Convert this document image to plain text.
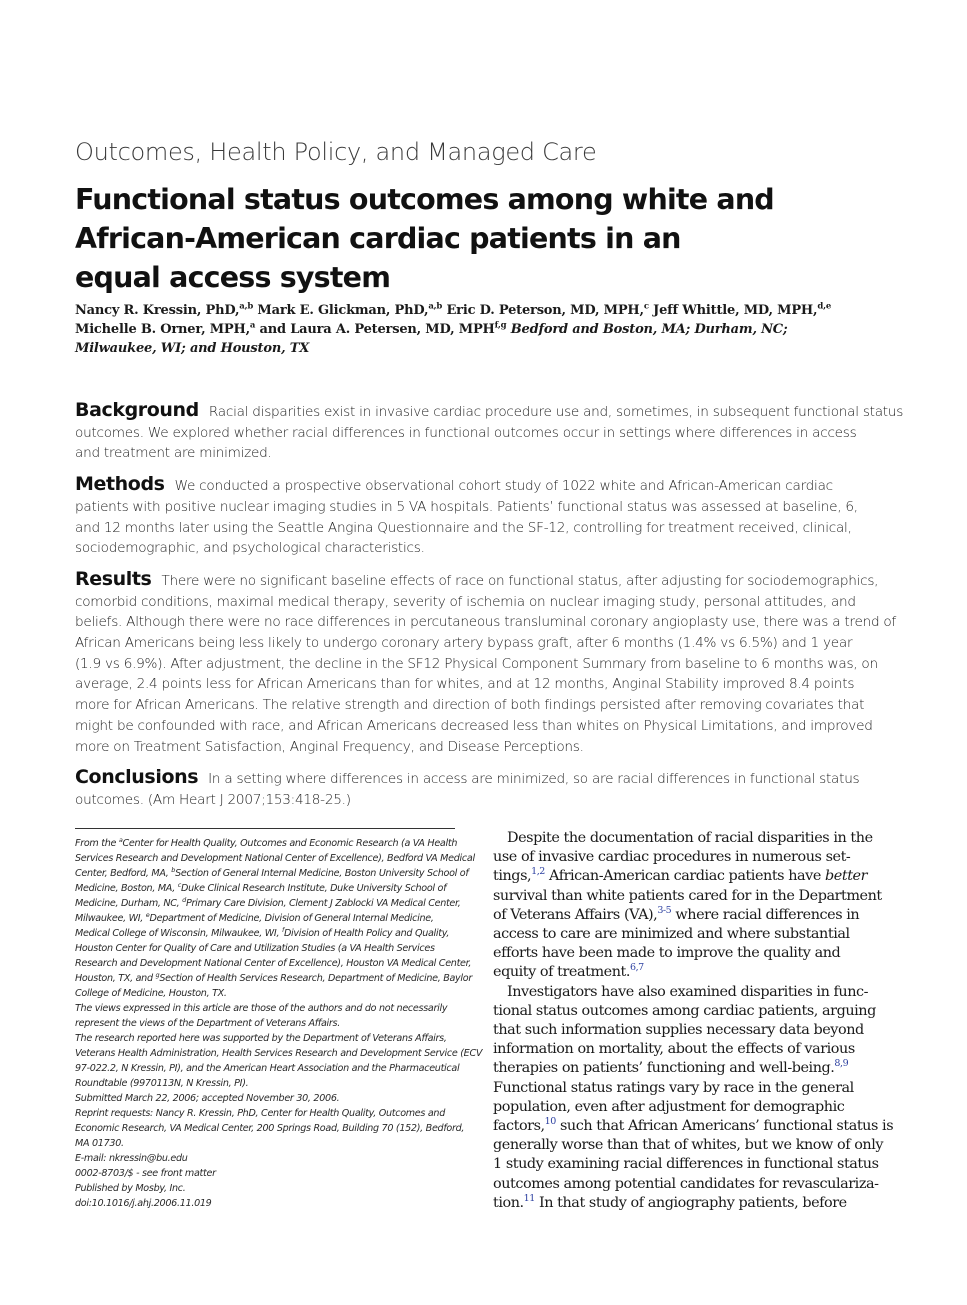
Outcomes, Health Policy, and Managed Care
Functional status outcomes among white and
African-American cardiac patients in an
equal access system
Nancy R. Kressin, PhD,$^{a,b}$ Mark E. Glickman, PhD,$^{a,b}$ Eric D. Peterson, MD, MPH,$^c$ Jeff Whittle, MD, MPH,$^{d,e}$
Michelle B. Orner, MPH,$^a$ and Laura A. Petersen, MD, MPH$^{f,g}$ Bedford and Boston, MA; Durham, NC;
Milwaukee, WI; and Houston, TX
Background Racial disparities exist in invasive cardiac procedure use and, sometimes, in subsequent functional status
outcomes. We explored whether racial differences in functional outcomes occur in settings where differences in access
and treatment are minimized.
Methods We conducted a prospective observational cohort study of 1022 white and African-American cardiac
patients with positive nuclear imaging studies in 5 VA hospitals. Patients’ functional status was assessed at baseline, 6,
and 12 months later using the Seattle Angina Questionnaire and the SF-12, controlling for treatment received, clinical,
sociodemographic, and psychological characteristics.
Results There were no significant baseline effects of race on functional status, after adjusting for sociodemographics,
comorbid conditions, maximal medical therapy, severity of ischemia on nuclear imaging study, personal attitudes, and
beliefs. Although there were no race differences in percutaneous transluminal coronary angioplasty use, there was a trend of
African Americans being less likely to undergo coronary artery bypass graft, after 6 months (1.4% vs 6.5%) and 1 year
(1.9 vs 6.9%). After adjustment, the decline in the SF12 Physical Component Summary from baseline to 6 months was, on
average, 2.4 points less for African Americans than for whites, and at 12 months, Anginal Stability improved 8.4 points
more for African Americans. The relative strength and direction of both findings persisted after removing covariates that
might be confounded with race, and African Americans decreased less than whites on Physical Limitations, and improved
more on Treatment Satisfaction, Anginal Frequency, and Disease Perceptions.
Conclusions In a setting where differences in access are minimized, so are racial differences in functional status
outcomes. (Am Heart J 2007;153:418-25.)
From the $^a$Center for Health Quality, Outcomes and Economic Research (a VA Health
Services Research and Development National Center of Excellence), Bedford VA Medical
Center, Bedford, MA, $^b$Section of General Internal Medicine, Boston University School of
Medicine, Boston, MA, $^c$Duke Clinical Research Institute, Duke University School of
Medicine, Durham, NC, $^d$Primary Care Division, Clement J Zablocki VA Medical Center,
Milwaukee, WI, $^e$Department of Medicine, Division of General Internal Medicine,
Medical College of Wisconsin, Milwaukee, WI, $^f$Division of Health Policy and Quality,
Houston Center for Quality of Care and Utilization Studies (a VA Health Services
Research and Development National Center of Excellence), Houston VA Medical Center,
Houston, TX, and $^g$Section of Health Services Research, Department of Medicine, Baylor
College of Medicine, Houston, TX.
The views expressed in this article are those of the authors and do not necessarily
represent the views of the Department of Veterans Affairs.
The research reported here was supported by the Department of Veterans Affairs,
Veterans Health Administration, Health Services Research and Development Service (ECV
97-022.2, N Kressin, PI), and the American Heart Association and the Pharmaceutical
Roundtable (9970113N, N Kressin, PI).
Submitted March 22, 2006; accepted November 30, 2006.
Reprint requests: Nancy R. Kressin, PhD, Center for Health Quality, Outcomes and
Economic Research, VA Medical Center, 200 Springs Road, Building 70 (152), Bedford,
MA 01730.
E-mail: nkressin@bu.edu
0002-8703/$ - see front matter
Published by Mosby, Inc.
doi:10.1016/j.ahj.2006.11.019
Despite the documentation of racial disparities in the
use of invasive cardiac procedures in numerous set-
tings,$^{1,2}$ African-American cardiac patients have better
survival than white patients cared for in the Department
of Veterans Affairs (VA),$^{3-5}$ where racial differences in
access to care are minimized and where substantial
efforts have been made to improve the quality and
equity of treatment.$^{6,7}$
Investigators have also examined disparities in func-
tional status outcomes among cardiac patients, arguing
that such information supplies necessary data beyond
information on mortality, about the effects of various
therapies on patients’ functioning and well-being.$^{8,9}$
Functional status ratings vary by race in the general
population, even after adjustment for demographic
factors,$^{10}$ such that African Americans’ functional status is
generally worse than that of whites, but we know of only
1 study examining racial differences in functional status
outcomes among potential candidates for revasculariza-
tion.$^{11}$ In that study of angiography patients, before
